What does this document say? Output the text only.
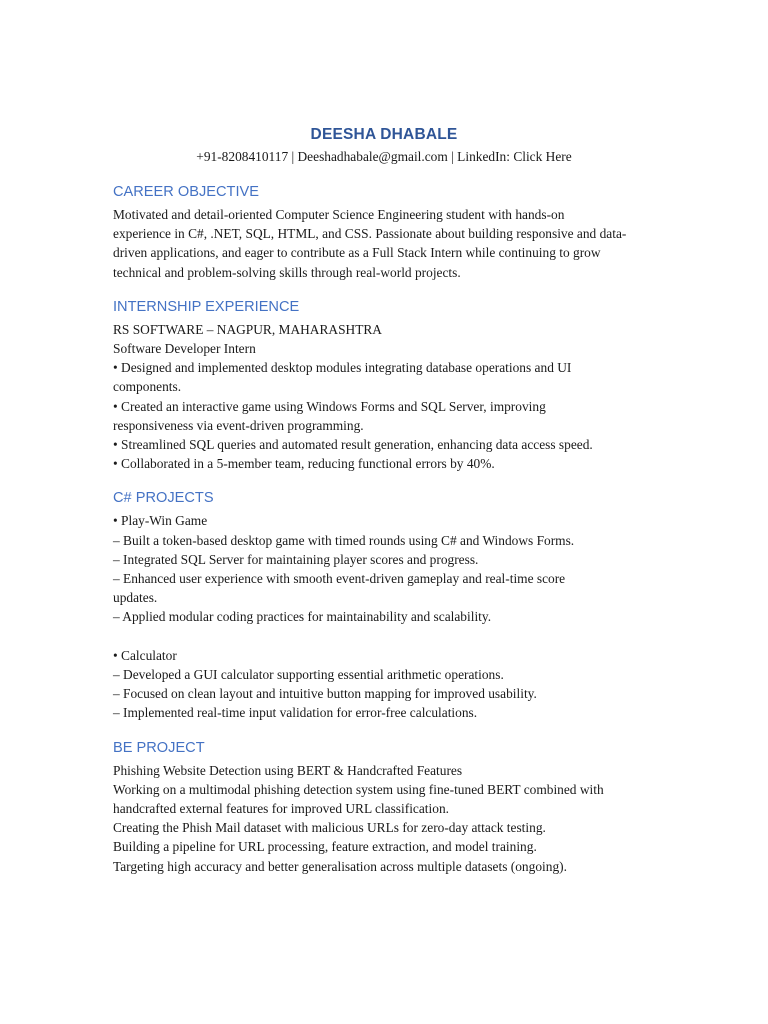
DEESHA DHABALE
+91-8208410117 | Deeshadhabale@gmail.com | LinkedIn: Click Here
CAREER OBJECTIVE

Motivated and detail-oriented Computer Science Engineering student with hands-on

experience in C#, .NET, SQL, HTML, and CSS. Passionate about building responsive and data-

driven applications, and eager to contribute as a Full Stack Intern while continuing to grow

technical and problem-solving skills through real-world projects.

INTERNSHIP EXPERIENCE

RS SOFTWARE – NAGPUR, MAHARASHTRA

Software Developer Intern

• Designed and implemented desktop modules integrating database operations and UI

components.

• Created an interactive game using Windows Forms and SQL Server, improving

responsiveness via event-driven programming.

• Streamlined SQL queries and automated result generation, enhancing data access speed.

• Collaborated in a 5-member team, reducing functional errors by 40%.

C# PROJECTS

• Play-Win Game

– Built a token-based desktop game with timed rounds using C# and Windows Forms.

– Integrated SQL Server for maintaining player scores and progress.

– Enhanced user experience with smooth event-driven gameplay and real-time score

updates.

– Applied modular coding practices for maintainability and scalability.

• Calculator

– Developed a GUI calculator supporting essential arithmetic operations.

– Focused on clean layout and intuitive button mapping for improved usability.

– Implemented real-time input validation for error-free calculations.

BE PROJECT

Phishing Website Detection using BERT & Handcrafted Features

Working on a multimodal phishing detection system using fine-tuned BERT combined with

handcrafted external features for improved URL classification.

Creating the Phish Mail dataset with malicious URLs for zero-day attack testing.

Building a pipeline for URL processing, feature extraction, and model training.

Targeting high accuracy and better generalisation across multiple datasets (ongoing).
